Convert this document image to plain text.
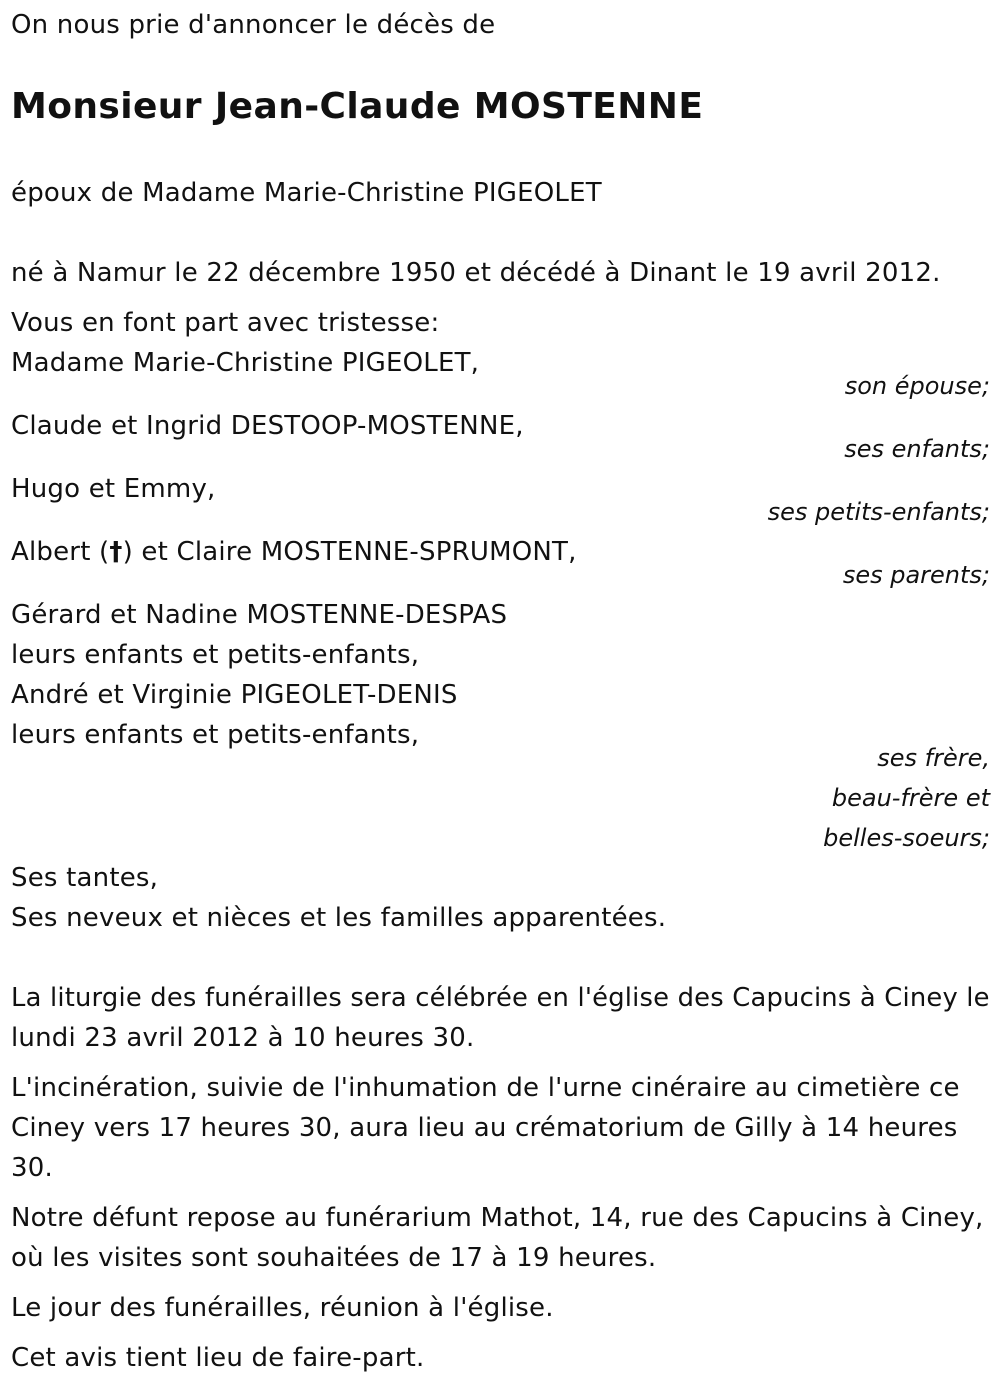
On nous prie d'annoncer le décès de
Monsieur Jean-Claude MOSTENNE
époux de Madame Marie-Christine PIGEOLET
né à Namur le 22 décembre 1950 et décédé à Dinant le 19 avril 2012.
Vous en font part avec tristesse:
Madame Marie-Christine PIGEOLET,
son épouse;
Claude et Ingrid DESTOOP-MOSTENNE,
ses enfants;
Hugo et Emmy,
ses petits-enfants;
Albert (†) et Claire MOSTENNE-SPRUMONT,
ses parents;
Gérard et Nadine MOSTENNE-DESPAS
leurs enfants et petits-enfants,
André et Virginie PIGEOLET-DENIS
leurs enfants et petits-enfants,
ses frère,
beau-frère et
belles-soeurs;
Ses tantes,
Ses neveux et nièces et les familles apparentées.
La liturgie des funérailles sera célébrée en l'église des Capucins à Ciney le
lundi 23 avril 2012 à 10 heures 30.
L'incinération, suivie de l'inhumation de l'urne cinéraire au cimetière ce
Ciney vers 17 heures 30, aura lieu au crématorium de Gilly à 14 heures
30.
Notre défunt repose au funérarium Mathot, 14, rue des Capucins à Ciney,
où les visites sont souhaitées de 17 à 19 heures.
Le jour des funérailles, réunion à l'église.
Cet avis tient lieu de faire-part.
